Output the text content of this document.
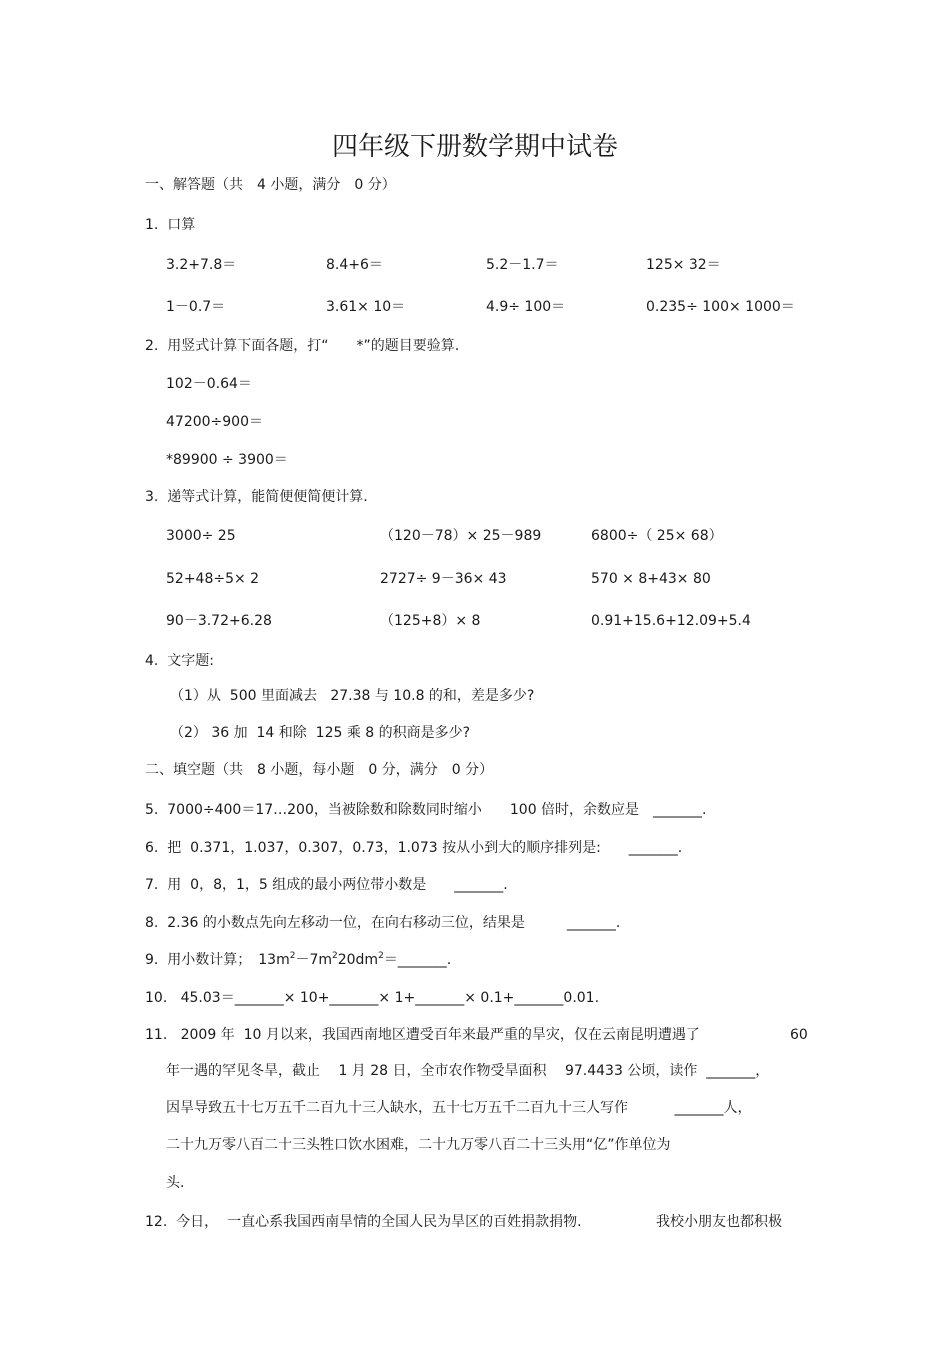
四年级下册数学期中试卷
一、解答题（共　4 小题，满分　0 分）
1.  口算
3.2+7.8＝	8.4+6＝	5.2－1.7＝	125× 32＝
1－0.7＝	3.61× 10＝	4.9÷ 100＝	0.235÷ 100× 1000＝
2.  用竖式计算下面各题，打“　　*”的题目要验算.
102－0.64＝
47200÷900＝
*89900 ÷ 3900＝
3.  递等式计算，能简便便简便计算.
3000÷ 25	（120－78）× 25－989	6800÷（ 25× 68）
52+48÷5× 2	2727÷ 9－36× 43	570 × 8+43× 80
90－3.72+6.28	（125+8）× 8	0.91+15.6+12.09+5.4
4.  文字题:
（1）从  500 里面减去   27.38 与 10.8 的和，差是多少?
（2） 36 加  14 和除  125 乘 8 的积商是多少?
二、填空题（共　8 小题，每小题　0 分，满分　0 分）
5.  7000÷400＝17…200，当被除数和除数同时缩小　　100 倍时，余数应是　_______.
6.  把  0.371，1.037，0.307，0.73，1.073 按从小到大的顺序排列是:　　_______.
7.  用  0，8，1，5 组成的最小两位带小数是　　_______.
8.  2.36 的小数点先向左移动一位，在向右移动三位，结果是　　　_______.
9.  用小数计算；　$13m^2-7m^220dm^2=\_\_\_\_\_\_\_$.
10.   45.03＝_______× 10+_______× 1+_______× 0.1+_______0.01.
11.   2009 年  10 月以来，我国西南地区遭受百年来最严重的旱灾，仅在云南昆明遭遇了	60
年一遇的罕见冬旱，截止　 1 月 28 日，全市农作物受旱面积　 97.4433 公顷，读作  _______，
因旱导致五十七万五千二百九十三人缺水，五十七万五千二百九十三人写作　　　 _______人，
二十九万零八百二十三头牲口饮水困难，二十九万零八百二十三头用“亿”作单位为
头.
12.  今日，  一直心系我国西南旱情的全国人民为旱区的百姓捐款捐物.	我校小朋友也都积极
